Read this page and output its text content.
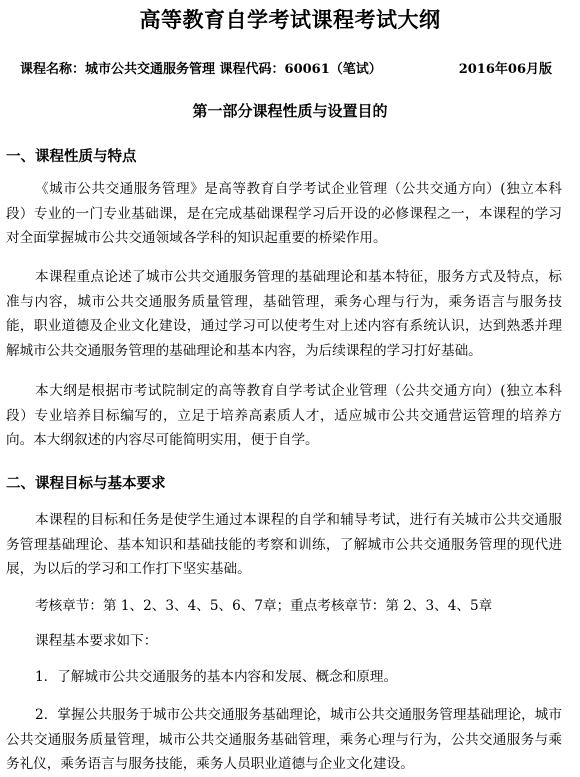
高等教育自学考试课程考试大纲
课程名称：城市公共交通服务管理 课程代码：60061（笔试）	2016年06月版
第一部分课程性质与设置目的
一、课程性质与特点

《城市公共交通服务管理》是高等教育自学考试企业管理（公共交通方向）(独立本科段）专业的一门专业基础课，是在完成基础课程学习后开设的必修课程之一，本课程的学习对全面掌握城市公共交通领域各学科的知识起重要的桥梁作用。

本课程重点论述了城市公共交通服务管理的基础理论和基本特征，服务方式及特点，标准与内容，城市公共交通服务质量管理，基础管理，乘务心理与行为，乘务语言与服务技能，职业道德及企业文化建设，通过学习可以使考生对上述内容有系统认识，达到熟悉并理解城市公共交通服务管理的基础理论和基本内容，为后续课程的学习打好基础。

本大纲是根据市考试院制定的高等教育自学考试企业管理（公共交通方向）(独立本科段）专业培养目标编写的，立足于培养高素质人才，适应城市公共交通营运管理的培养方向。本大纲叙述的内容尽可能简明实用，便于自学。

二、课程目标与基本要求

本课程的目标和任务是使学生通过本课程的自学和辅导考试，进行有关城市公共交通服务管理基础理论、基本知识和基础技能的考察和训练，了解城市公共交通服务管理的现代进展，为以后的学习和工作打下坚实基础。

考核章节：第 1、2、3、4、5、6、7章；重点考核章节：第 2、3、4、5章

课程基本要求如下：

1．了解城市公共交通服务的基本内容和发展、概念和原理。

2．掌握公共服务于城市公共交通服务基础理论，城市公共交通服务管理基础理论，城市公共交通服务质量管理，城市公共交通服务基础管理，乘务心理与行为，公共交通服务与乘务礼仪，乘务语言与服务技能，乘务人员职业道德与企业文化建设。
